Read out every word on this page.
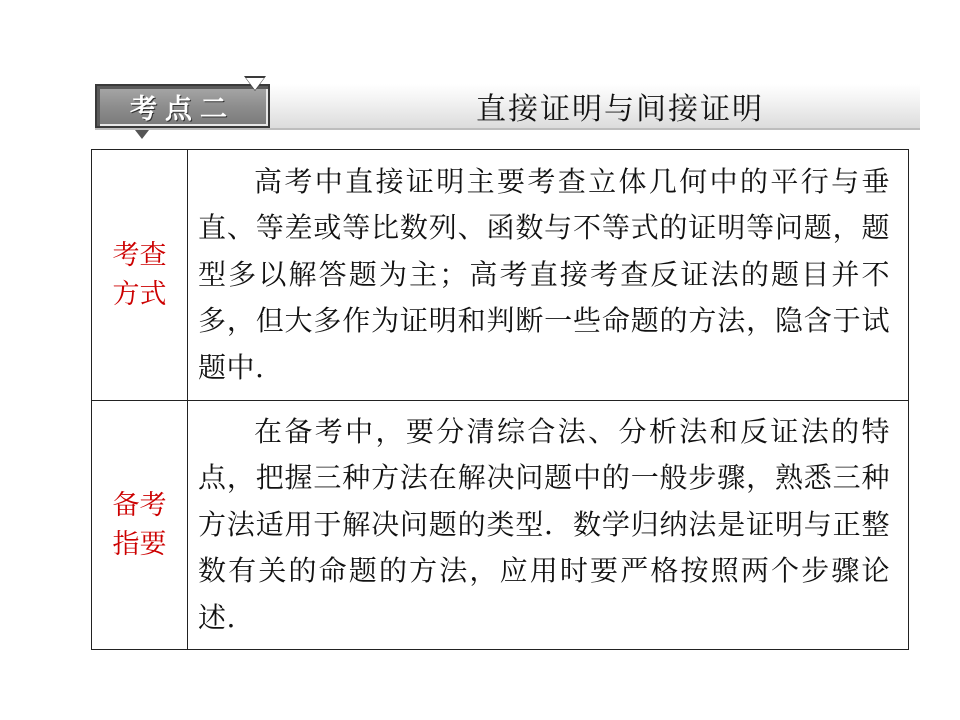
考点二	直接证明与间接证明
考查
方式	高考中直接证明主要考查立体几何中的平行与垂直、等差或等比数列、函数与不等式的证明等问题，题型多以解答题为主；高考直接考查反证法的题目并不多，但大多作为证明和判断一些命题的方法，隐含于试题中.

备考
指要	在备考中，要分清综合法、分析法和反证法的特点，把握三种方法在解决问题中的一般步骤，熟悉三种方法适用于解决问题的类型．数学归纳法是证明与正整数有关的命题的方法，应用时要严格按照两个步骤论述.
